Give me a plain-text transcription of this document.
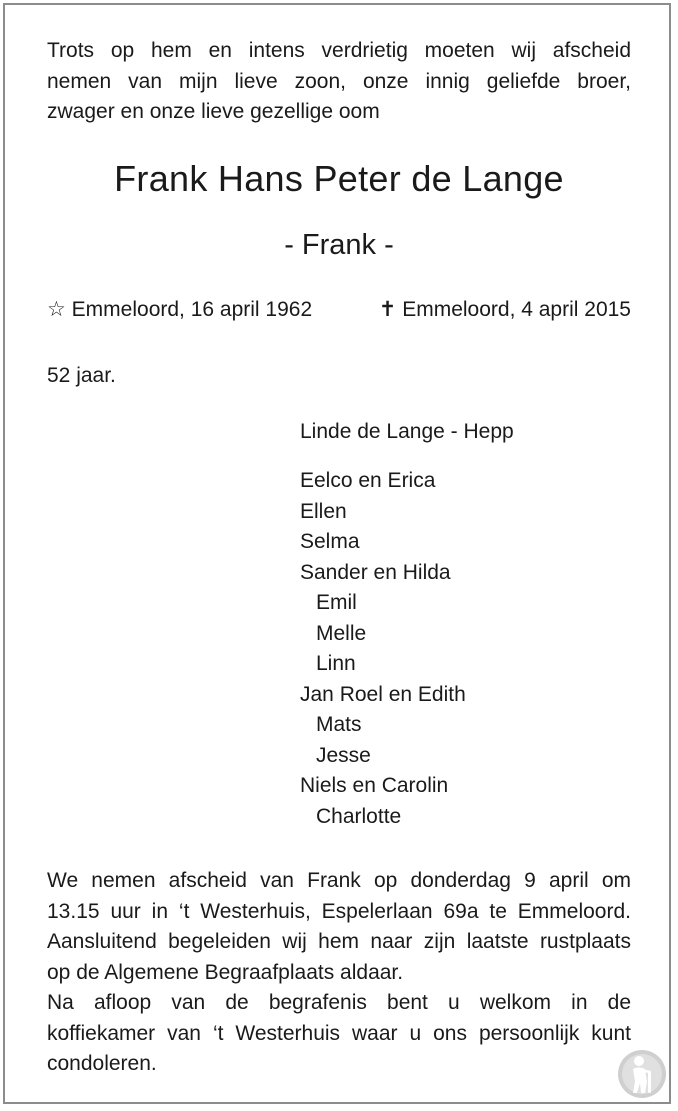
Trots op hem en intens verdrietig moeten wij afscheid
nemen van mijn lieve zoon, onze innig geliefde broer,
zwager en onze lieve gezellige oom
Frank Hans Peter de Lange
- Frank -
☆ Emmeloord, 16 april 1962	✝ Emmeloord, 4 april 2015
52 jaar.
Linde de Lange - Hepp
Eelco en Erica
Ellen
Selma
Sander en Hilda
Emil
Melle
Linn
Jan Roel en Edith
Mats
Jesse
Niels en Carolin
Charlotte
We nemen afscheid van Frank op donderdag 9 april om
13.15 uur in ‘t Westerhuis, Espelerlaan 69a te Emmeloord.
Aansluitend begeleiden wij hem naar zijn laatste rustplaats
op de Algemene Begraafplaats aldaar.
Na afloop van de begrafenis bent u welkom in de
koffiekamer van ‘t Westerhuis waar u ons persoonlijk kunt
condoleren.
